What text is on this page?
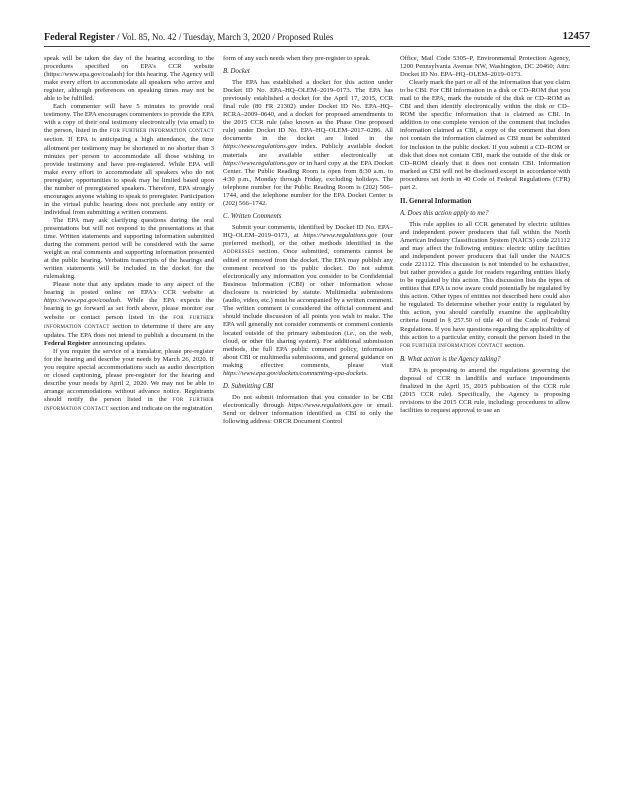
Federal Register / Vol. 85, No. 42 / Tuesday, March 3, 2020 / Proposed Rules	12457

speak will be taken the day of the hearing according to the procedures specified on EPA's CCR website (https://www.epa.gov/coalash) for this hearing. The Agency will make every effort to accommodate all speakers who arrive and register, although preferences on speaking times may not be able to be fulfilled.

Each commenter will have 5 minutes to provide oral testimony. The EPA encourages commenters to provide the EPA with a copy of their oral testimony electronically (via email) to the person, listed in the FOR FURTHER INFORMATION CONTACT section. If EPA is anticipating a high attendance, the time allotment per testimony may be shortened to no shorter than 3 minutes per person to accommodate all those wishing to provide testimony and have pre-registered. While EPA will make every effort to accommodate all speakers who do not preregister, opportunities to speak may be limited based upon the number of preregistered speakers. Therefore, EPA strongly encourages anyone wishing to speak to preregister. Participation in the virtual public hearing does not preclude any entity or individual from submitting a written comment.

The EPA may ask clarifying questions during the oral presentations but will not respond to the presentations at that time. Written statements and supporting information submitted during the comment period will be considered with the same weight as oral comments and supporting information presented at the public hearing. Verbatim transcripts of the hearings and written statements will be included in the docket for the rulemaking.

Please note that any updates made to any aspect of the hearing is posted online on EPA's CCR website at https://www.epa.gov/coalash. While the EPA expects the hearing to go forward as set forth above, please monitor our website or contact person listed in the FOR FURTHER INFORMATION CONTACT section to determine if there are any updates. The EPA does not intend to publish a document in the Federal Register announcing updates.

If you require the service of a translator, please pre-register for the hearing and describe your needs by March 26, 2020. If you require special accommodations such as audio description or closed captioning, please pre-register for the hearing and describe your needs by April 2, 2020. We may not be able to arrange accommodations without advance notice. Registrants should notify the person listed in the FOR FURTHER INFORMATION CONTACT section and indicate on the registration

form of any such needs when they pre-register to speak.

B. Docket

The EPA has established a docket for this action under Docket ID No. EPA–HQ–OLEM–2019–0173. The EPA has previously established a docket for the April 17, 2015, CCR final rule (80 FR 21302) under Docket ID No. EPA–HQ–RCRA–2009–0640, and a docket for proposed amendments to the 2015 CCR rule (also known as the Phase One proposed rule) under Docket ID No. EPA–HQ–OLEM–2017–0286. All documents in the docket are listed in the https://www.regulations.gov index. Publicly available docket materials are available either electronically at https://www.regulations.gov or in hard copy at the EPA Docket Center. The Public Reading Room is open from 8:30 a.m. to 4:30 p.m., Monday through Friday, excluding holidays. The telephone number for the Public Reading Room is (202) 566–1744, and the telephone number for the EPA Docket Center is (202) 566–1742.

C. Written Comments

Submit your comments, identified by Docket ID No. EPA–HQ–OLEM–2019–0173, at https://www.regulations.gov (our preferred method), or the other methods identified in the ADDRESSES section. Once submitted, comments cannot be edited or removed from the docket. The EPA may publish any comment received to its public docket. Do not submit electronically any information you consider to be Confidential Business Information (CBI) or other information whose disclosure is restricted by statute. Multimedia submissions (audio, video, etc.) must be accompanied by a written comment. The written comment is considered the official comment and should include discussion of all points you wish to make. The EPA will generally not consider comments or comment contents located outside of the primary submission (i.e., on the web, cloud, or other file sharing system). For additional submission methods, the full EPA public comment policy, information about CBI or multimedia submissions, and general guidance on making effective comments, please visit https://www.epa.gov/dockets/commenting-epa-dockets.

D. Submitting CBI

Do not submit information that you consider to be CBI electronically through https://www.regulations.gov or email. Send or deliver information identified as CBI to only the following address: ORCR Document Control

Office, Mail Code 5305–P, Environmental Protection Agency, 1200 Pennsylvania Avenue NW, Washington, DC 20460; Attn: Docket ID No. EPA–HQ–OLEM–2019–0173.

Clearly mark the part or all of the information that you claim to be CBI. For CBI information in a disk or CD–ROM that you mail to the EPA, mark the outside of the disk or CD–ROM as CBI and then identify electronically within the disk or CD–ROM the specific information that is claimed as CBI. In addition to one complete version of the comment that includes information claimed as CBI, a copy of the comment that does not contain the information claimed as CBI must be submitted for inclusion in the public docket. If you submit a CD–ROM or disk that does not contain CBI, mark the outside of the disk or CD–ROM clearly that it does not contain CBI. Information marked as CBI will not be disclosed except in accordance with procedures set forth in 40 Code of Federal Regulations (CFR) part 2.

II. General Information
A. Does this action apply to me?

This rule applies to all CCR generated by electric utilities and independent power producers that fall within the North American Industry Classification System (NAICS) code 221112 and may affect the following entities: electric utility facilities and independent power producers that fall under the NAICS code 221112. This discussion is not intended to be exhaustive, but rather provides a guide for readers regarding entities likely to be regulated by this action. This discussion lists the types of entities that EPA is now aware could potentially be regulated by this action. Other types of entities not described here could also be regulated. To determine whether your entity is regulated by this action, you should carefully examine the applicability criteria found in § 257.50 of title 40 of the Code of Federal Regulations. If you have questions regarding the applicability of this action to a particular entity, consult the person listed in the FOR FURTHER INFORMATION CONTACT section.

B. What action is the Agency taking?

EPA is proposing to amend the regulations governing the disposal of CCR in landfills and surface impoundments finalized in the April 15, 2015 publication of the CCR rule (2015 CCR rule). Specifically, the Agency is proposing revisions to the 2015 CCR rule, including: procedures to allow facilities to request approval to use an
